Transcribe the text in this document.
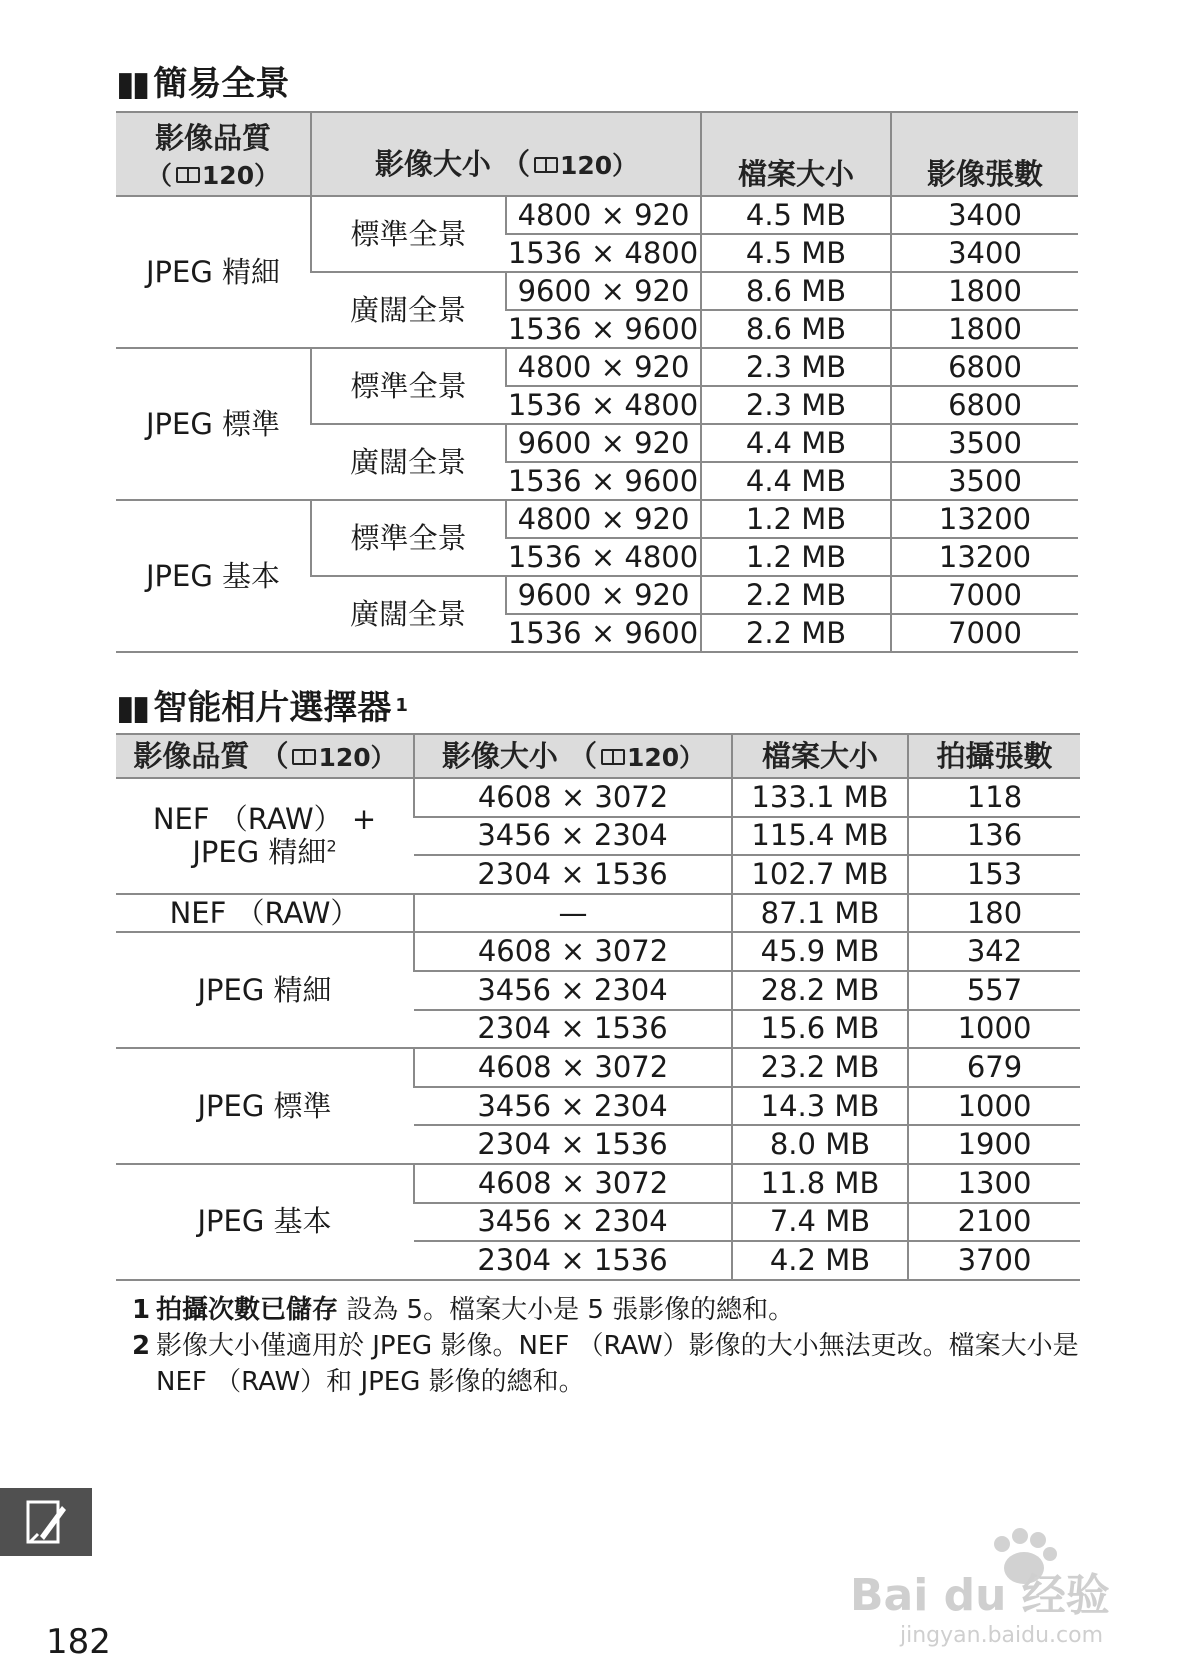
▮▮ 簡易全景
影像品質
（ 120）	影像大小 （ 120）		檔案大小	影像張數
JPEG 精細	標準全景	4800 × 920	4.5 MB	3400
		1536 × 4800	4.5 MB	3400
	廣闊全景	9600 × 920	8.6 MB	1800
		1536 × 9600	8.6 MB	1800
JPEG 標準	標準全景	4800 × 920	2.3 MB	6800
		1536 × 4800	2.3 MB	6800
	廣闊全景	9600 × 920	4.4 MB	3500
		1536 × 9600	4.4 MB	3500
JPEG 基本	標準全景	4800 × 920	1.2 MB	13200
		1536 × 4800	1.2 MB	13200
	廣闊全景	9600 × 920	2.2 MB	7000
		1536 × 9600	2.2 MB	7000
▮▮ 智能相片選擇器 $^1$
影像品質 （ 120）	影像大小 （ 120）	檔案大小	拍攝張數

NEF （RAW） +
JPEG 精細$^2$	4608 × 3072	133.1 MB	118
	3456 × 2304	115.4 MB	136
	2304 × 1536	102.7 MB	153

NEF （RAW）	—	87.1 MB	180

JPEG 精細	4608 × 3072	45.9 MB	342
	3456 × 2304	28.2 MB	557
	2304 × 1536	15.6 MB	1000

JPEG 標準	4608 × 3072	23.2 MB	679
	3456 × 2304	14.3 MB	1000
	2304 × 1536	8.0 MB	1900

JPEG 基本	4608 × 3072	11.8 MB	1300
	3456 × 2304	7.4 MB	2100
	2304 × 1536	4.2 MB	3700
1 拍攝次數已儲存 設為 5。檔案大小是 5 張影像的總和。
2 影像大小僅適用於 JPEG 影像。NEF （RAW）影像的大小無法更改。檔案大小是 NEF （RAW）和 JPEG 影像的總和。
182
Bai du 经验
jingyan.baidu.com
